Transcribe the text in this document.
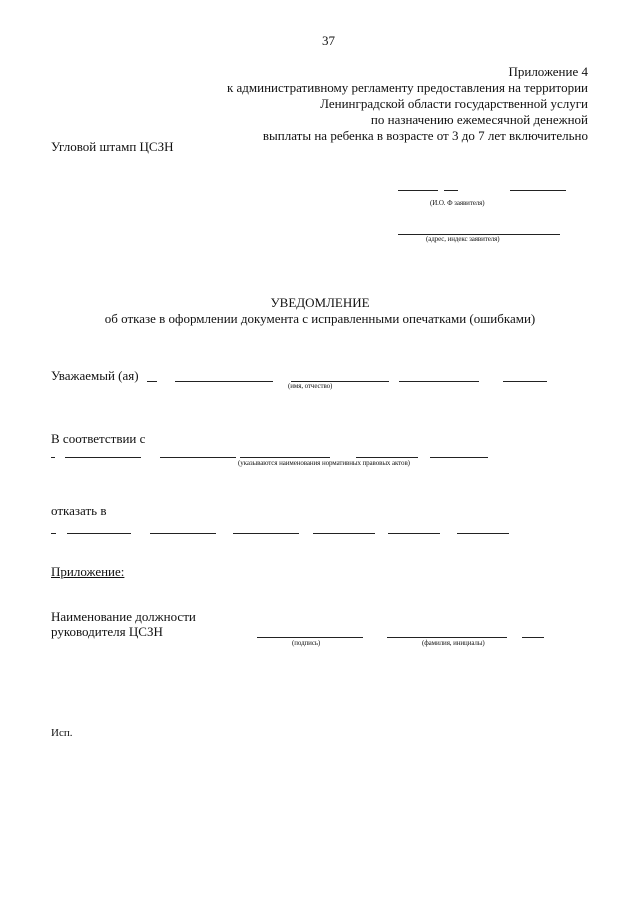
37
Приложение 4
к административному регламенту предоставления на территории
Ленинградской области государственной услуги
по назначению ежемесячной денежной
выплаты на ребенка в возрасте от 3 до 7 лет включительно
Угловой штамп ЦСЗН
(И.О. Ф заявителя)
(адрес, индекс заявителя)
УВЕДОМЛЕНИЕ
об отказе в оформлении документа с исправленными опечатками (ошибками)
Уважаемый (ая)
(имя, отчество)
В соответствии с
(указываются наименования нормативных правовых актов)
отказать в
Приложение:
Наименование должности
руководителя ЦСЗН
(подпись)	(фамилия, инициалы)
Исп.
